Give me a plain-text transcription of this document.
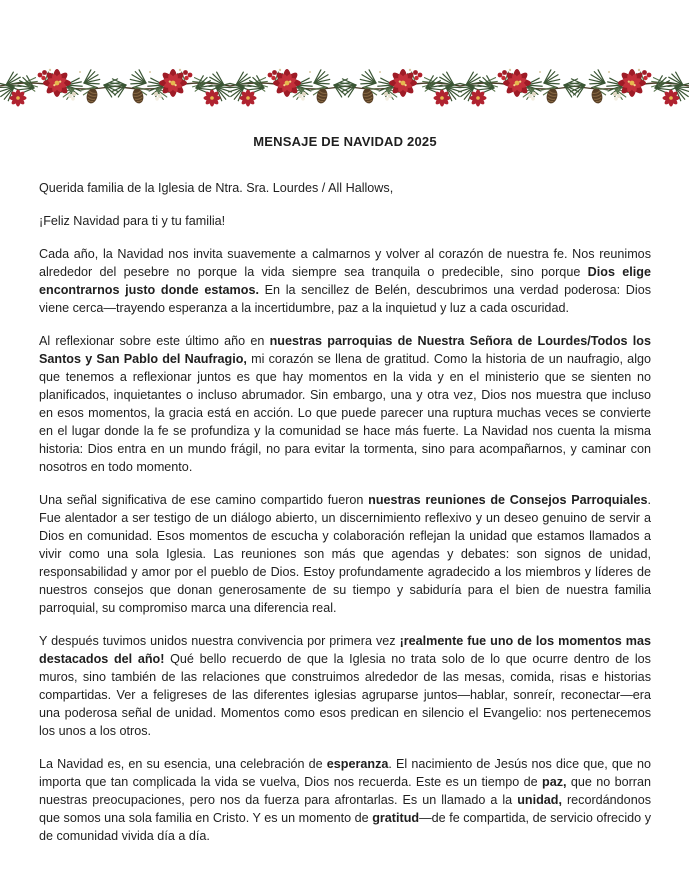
MENSAJE DE NAVIDAD 2025

Querida familia de la Iglesia de Ntra. Sra. Lourdes / All Hallows,

¡Feliz Navidad para ti y tu familia!

Cada año, la Navidad nos invita suavemente a calmarnos y volver al corazón de nuestra fe. Nos reunimos alrededor del pesebre no porque la vida siempre sea tranquila o predecible, sino porque Dios elige encontrarnos justo donde estamos. En la sencillez de Belén, descubrimos una verdad poderosa: Dios viene cerca—trayendo esperanza a la incertidumbre, paz a la inquietud y luz a cada oscuridad.

Al reflexionar sobre este último año en nuestras parroquias de Nuestra Señora de Lourdes/Todos los Santos y San Pablo del Naufragio, mi corazón se llena de gratitud. Como la historia de un naufragio, algo que tenemos a reflexionar juntos es que hay momentos en la vida y en el ministerio que se sienten no planificados, inquietantes o incluso abrumador. Sin embargo, una y otra vez, Dios nos muestra que incluso en esos momentos, la gracia está en acción. Lo que puede parecer una ruptura muchas veces se convierte en el lugar donde la fe se profundiza y la comunidad se hace más fuerte. La Navidad nos cuenta la misma historia: Dios entra en un mundo frágil, no para evitar la tormenta, sino para acompañarnos, y caminar con nosotros en todo momento.

Una señal significativa de ese camino compartido fueron nuestras reuniones de Consejos Parroquiales. Fue alentador a ser testigo de un diálogo abierto, un discernimiento reflexivo y un deseo genuino de servir a Dios en comunidad. Esos momentos de escucha y colaboración reflejan la unidad que estamos llamados a vivir como una sola Iglesia. Las reuniones son más que agendas y debates: son signos de unidad, responsabilidad y amor por el pueblo de Dios. Estoy profundamente agradecido a los miembros y líderes de nuestros consejos que donan generosamente de su tiempo y sabiduría para el bien de nuestra familia parroquial, su compromiso marca una diferencia real.

Y después tuvimos unidos nuestra convivencia por primera vez ¡realmente fue uno de los momentos mas destacados del año! Qué bello recuerdo de que la Iglesia no trata solo de lo que ocurre dentro de los muros, sino también de las relaciones que construimos alrededor de las mesas, comida, risas e historias compartidas. Ver a feligreses de las diferentes iglesias agruparse juntos—hablar, sonreír, reconectar—era una poderosa señal de unidad. Momentos como esos predican en silencio el Evangelio: nos pertenecemos los unos a los otros.

La Navidad es, en su esencia, una celebración de esperanza. El nacimiento de Jesús nos dice que, que no importa que tan complicada la vida se vuelva, Dios nos recuerda. Este es un tiempo de paz, que no borran nuestras preocupaciones, pero nos da fuerza para afrontarlas. Es un llamado a la unidad, recordándonos que somos una sola familia en Cristo. Y es un momento de gratitud—de fe compartida, de servicio ofrecido y de comunidad vivida día a día.
